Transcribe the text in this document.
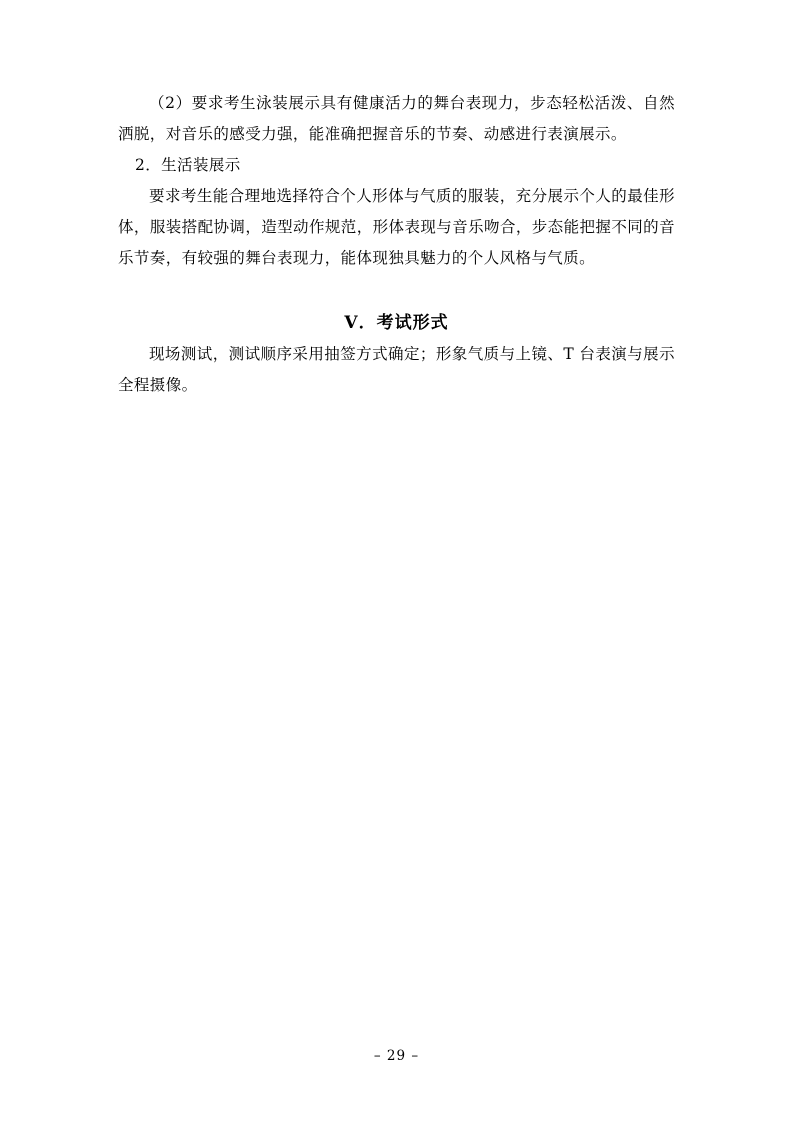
（2）要求考生泳装展示具有健康活力的舞台表现力，步态轻松活泼、自然洒脱，对音乐的感受力强，能准确把握音乐的节奏、动感进行表演展示。

2．生活装展示

要求考生能合理地选择符合个人形体与气质的服装，充分展示个人的最佳形体，服装搭配协调，造型动作规范，形体表现与音乐吻合，步态能把握不同的音乐节奏，有较强的舞台表现力，能体现独具魅力的个人风格与气质。

Ⅴ．考试形式

现场测试，测试顺序采用抽签方式确定；形象气质与上镜、T 台表演与展示全程摄像。

– 29 –
